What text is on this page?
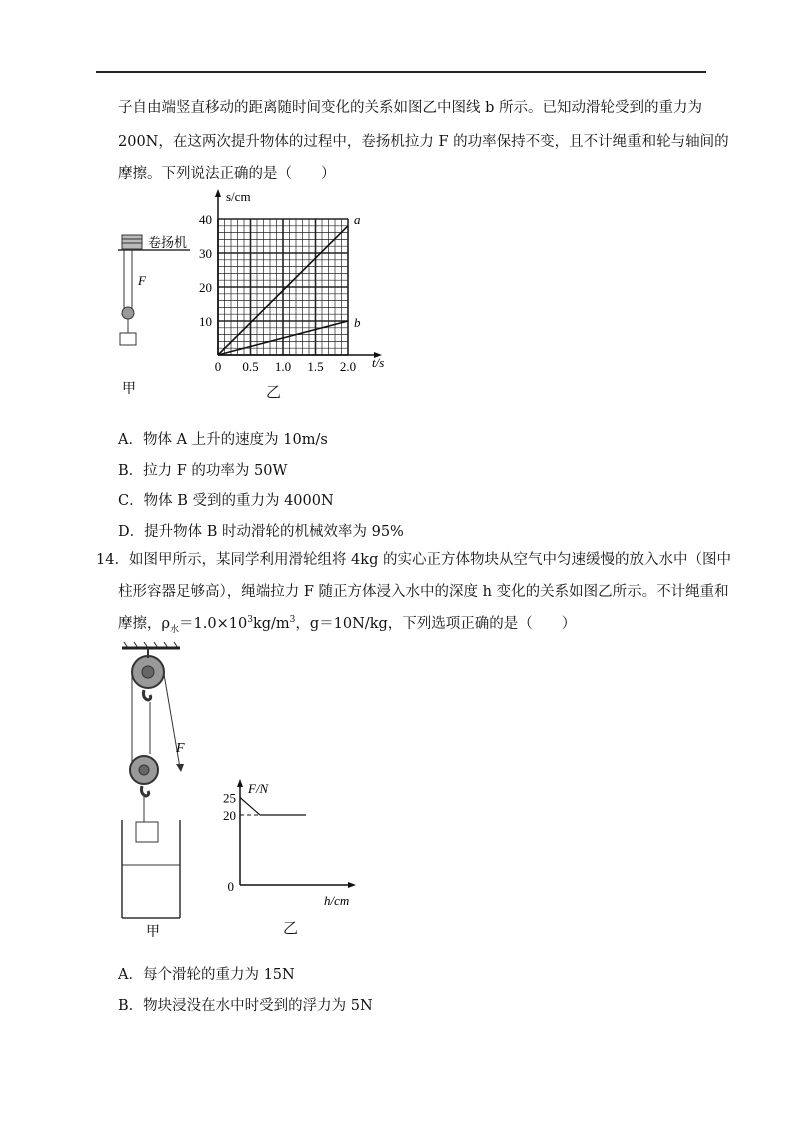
子自由端竖直移动的距离随时间变化的关系如图乙中图线 b 所示。已知动滑轮受到的重力为
200N，在这两次提升物体的过程中，卷扬机拉力 F 的功率保持不变，且不计绳重和轮与轴间的
摩擦。下列说法正确的是（　　）
卷扬机
F
甲
a
b
0 0.5 1.0 1.5 2.0
10
20
30
40
s/cm
t/s
乙
A．物体 A 上升的速度为 10m/s
B．拉力 F 的功率为 50W
C．物体 B 受到的重力为 4000N
D．提升物体 B 时动滑轮的机械效率为 95%
14．如图甲所示，某同学利用滑轮组将 4kg 的实心正方体物块从空气中匀速缓慢的放入水中（图中
柱形容器足够高），绳端拉力 F 随正方体浸入水中的深度 h 变化的关系如图乙所示。不计绳重和
摩擦，$\rho_水=1.0\times 10^3kg/m^3$，g＝10N/kg，下列选项正确的是（　　）
F
甲
25
20
0
F/N
h/cm
乙
A．每个滑轮的重力为 15N
B．物块浸没在水中时受到的浮力为 5N
